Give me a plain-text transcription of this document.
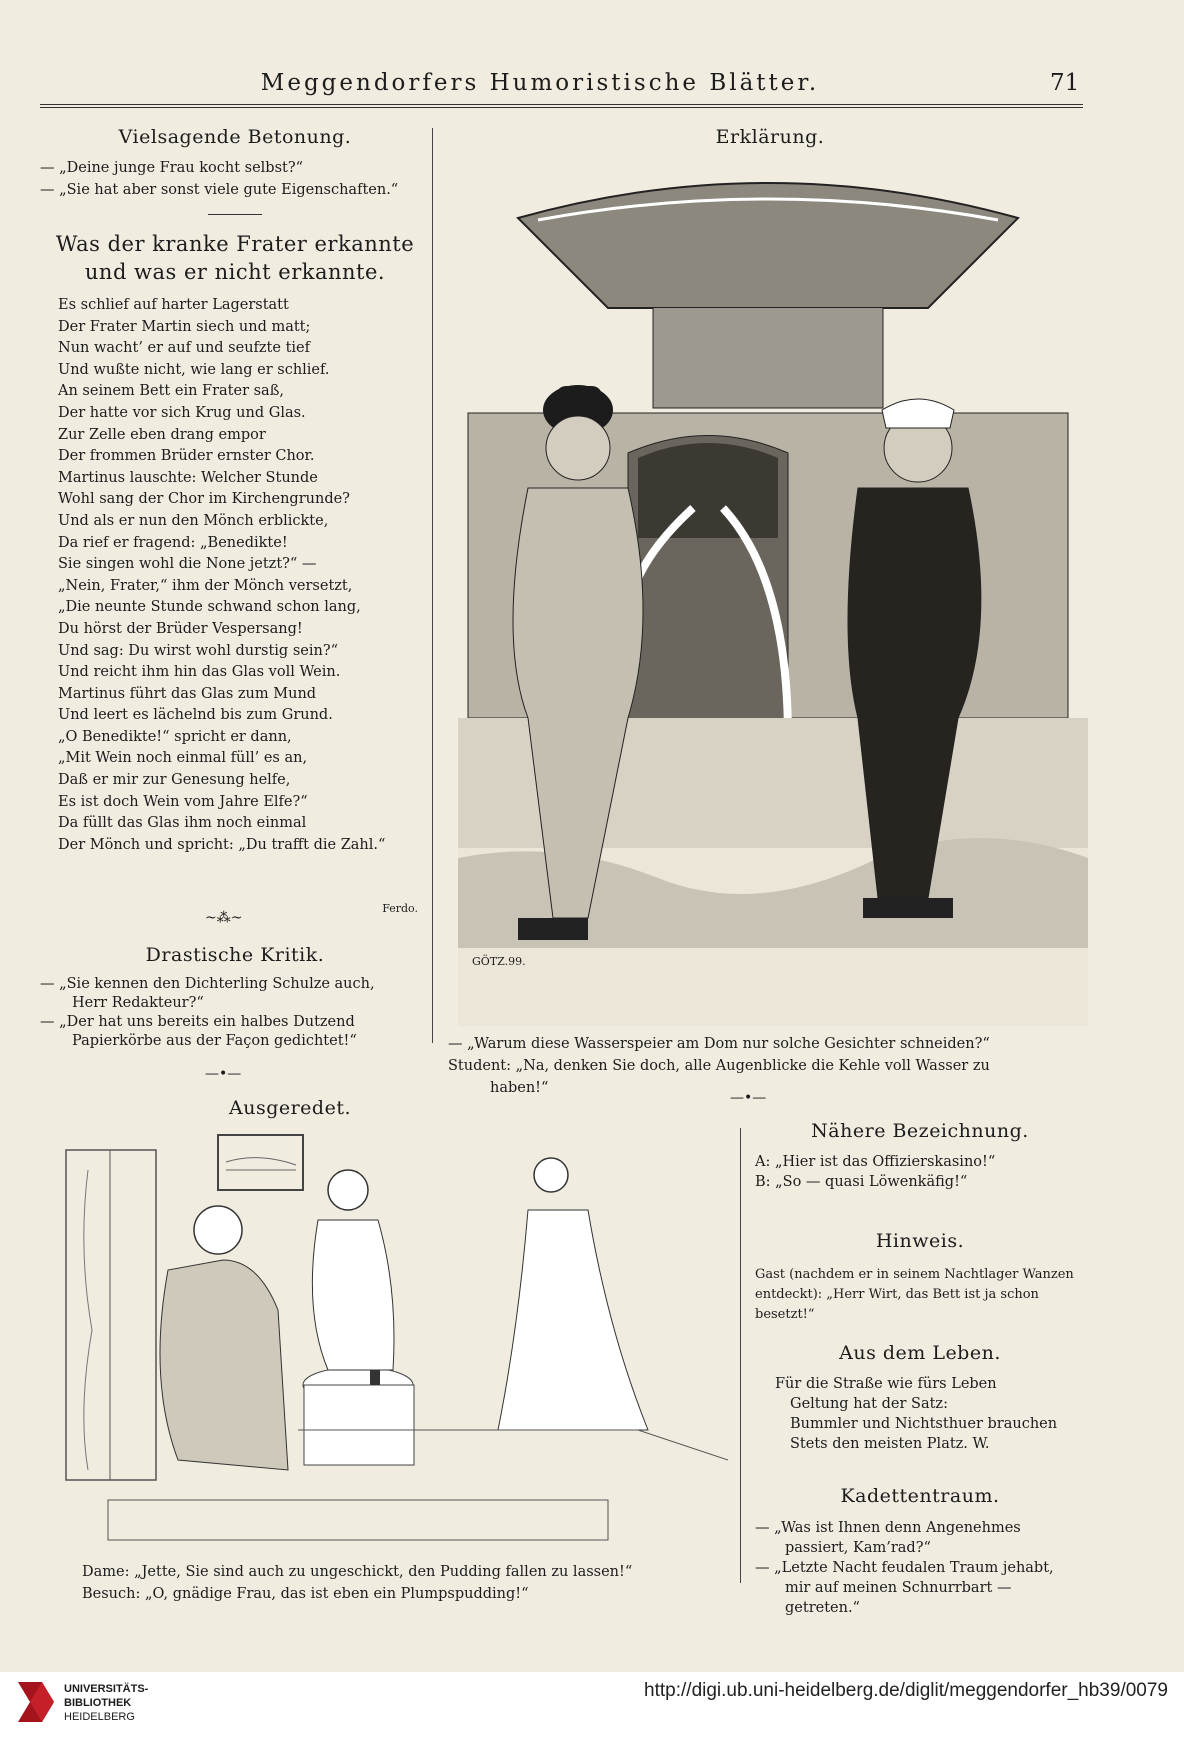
Meggendorfers Humoristische Blätter.	71
Vielsagende Betonung.
— „Deine junge Frau kocht selbst?“
— „Sie hat aber sonst viele gute Eigenschaften.“
Was der kranke Frater erkannte
und was er nicht erkannte.
Es schlief auf harter Lagerstatt
Der Frater Martin siech und matt;
Nun wacht’ er auf und seufzte tief
Und wußte nicht, wie lang er schlief.
An seinem Bett ein Frater saß,
Der hatte vor sich Krug und Glas.
Zur Zelle eben drang empor
Der frommen Brüder ernster Chor.
Martinus lauschte: Welcher Stunde
Wohl sang der Chor im Kirchengrunde?
Und als er nun den Mönch erblickte,
Da rief er fragend: „Benedikte!
Sie singen wohl die None jetzt?“ —
„Nein, Frater,“ ihm der Mönch versetzt,
„Die neunte Stunde schwand schon lang,
Du hörst der Brüder Vespersang!
Und sag: Du wirst wohl durstig sein?“
Und reicht ihm hin das Glas voll Wein.
Martinus führt das Glas zum Mund
Und leert es lächelnd bis zum Grund.
„O Benedikte!“ spricht er dann,
„Mit Wein noch einmal füll’ es an,
Daß er mir zur Genesung helfe,
Es ist doch Wein vom Jahre Elfe?“
Da füllt das Glas ihm noch einmal
Der Mönch und spricht: „Du trafft die Zahl.“
Ferdo.
~⁂~
Drastische Kritik.
— „Sie kennen den Dichterling Schulze auch,
Herr Redakteur?“
— „Der hat uns bereits ein halbes Dutzend
Papierkörbe aus der Façon gedichtet!“
—•—
Ausgeredet.
Dame: „Jette, Sie sind auch zu ungeschickt, den Pudding fallen zu lassen!“
Besuch: „O, gnädige Frau, das ist eben ein Plumpspudding!“
Erklärung.
GÖTZ.99.
— „Warum diese Wasserspeier am Dom nur solche Gesichter schneiden?“
Student: „Na, denken Sie doch, alle Augenblicke die Kehle voll Wasser zu
haben!“
—•—
Nähere Bezeichnung.
A: „Hier ist das Offizierskasino!“
B: „So — quasi Löwenkäfig!“
Hinweis.
Gast (nachdem er in seinem Nachtlager Wanzen
entdeckt): „Herr Wirt, das Bett ist ja schon
besetzt!“
Aus dem Leben.
Für die Straße wie fürs Leben
Geltung hat der Satz:
Bummler und Nichtsthuer brauchen
Stets den meisten Platz. W.
Kadettentraum.
— „Was ist Ihnen denn Angenehmes
passiert, Kam’rad?“
— „Letzte Nacht feudalen Traum jehabt,
mir auf meinen Schnurrbart —
getreten.“
UNIVERSITÄTS-
BIBLIOTHEK
HEIDELBERG
http://digi.ub.uni-heidelberg.de/diglit/meggendorfer_hb39/0079
